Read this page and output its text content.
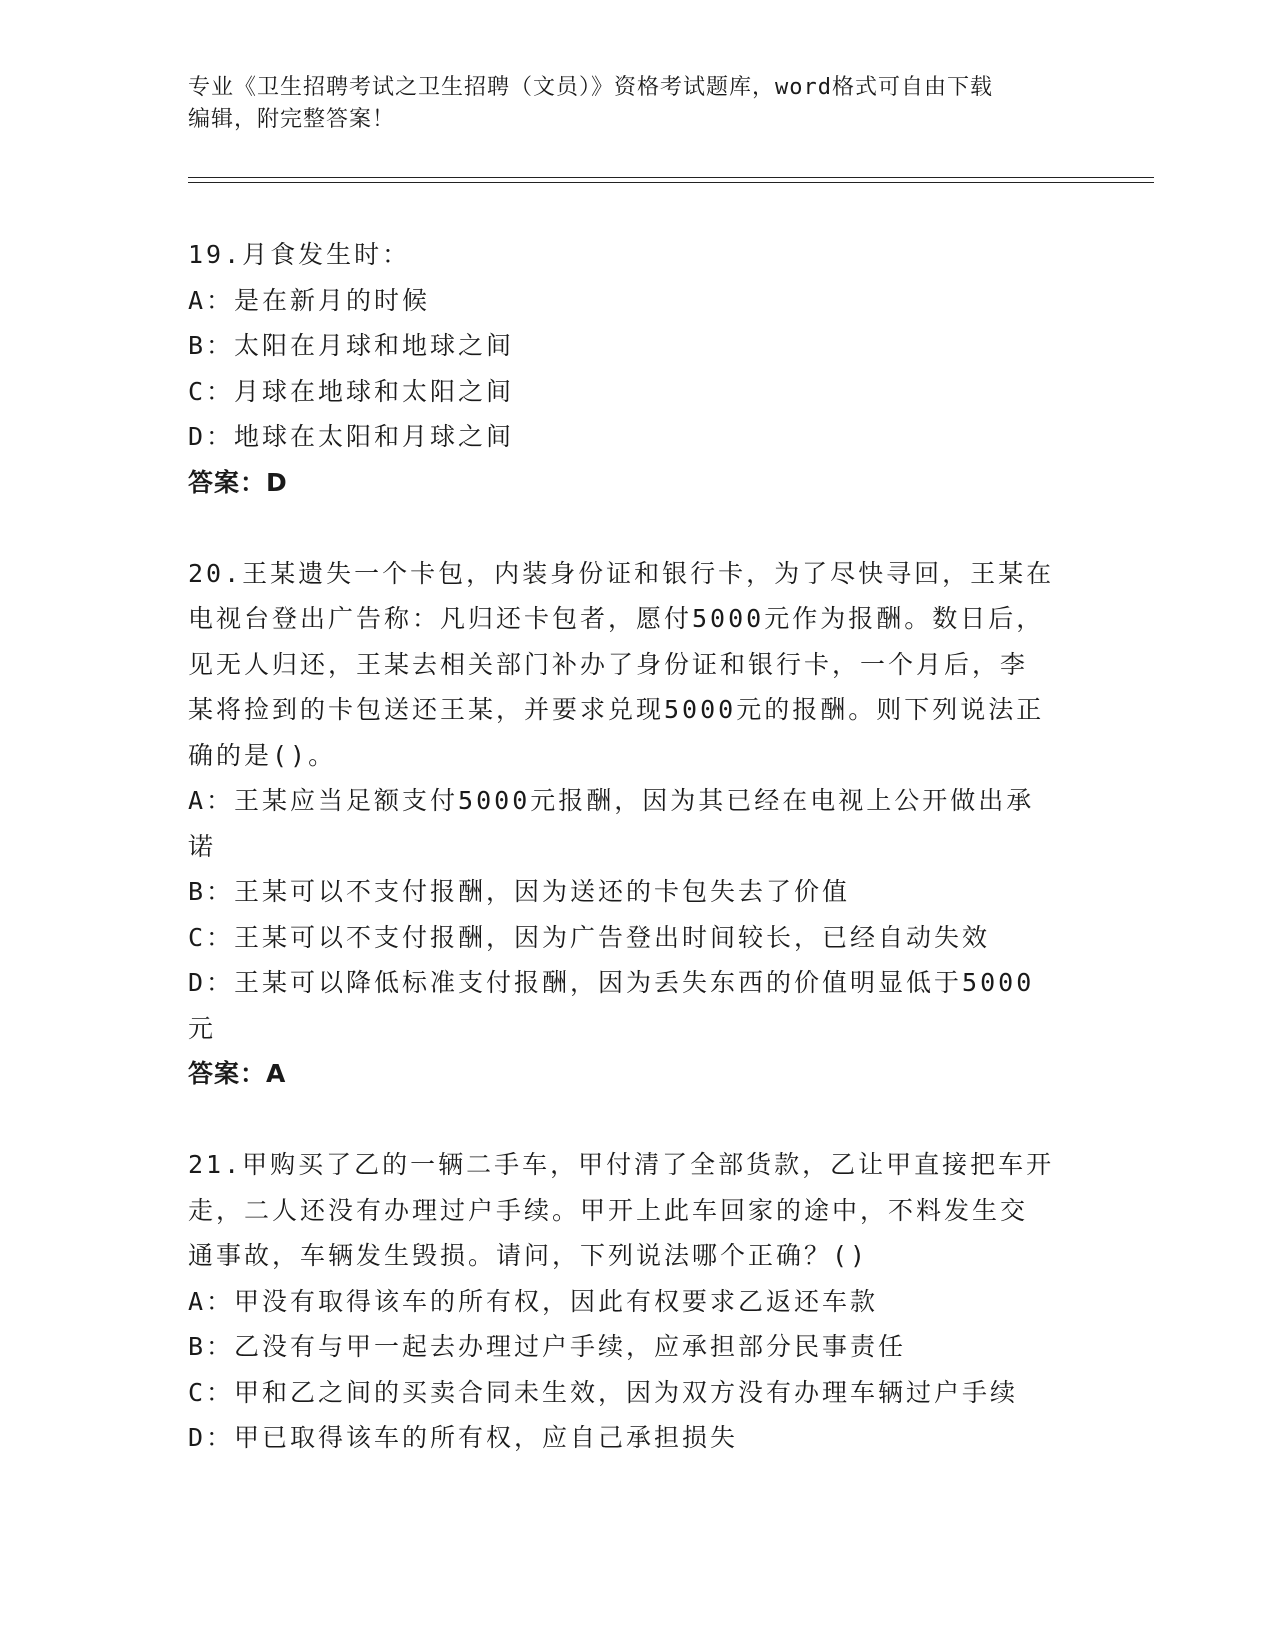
专业《卫生招聘考试之卫生招聘（文员）》资格考试题库，word格式可自由下载
编辑，附完整答案！
19.月食发生时：
A：是在新月的时候
B：太阳在月球和地球之间
C：月球在地球和太阳之间
D：地球在太阳和月球之间
答案：D
20.王某遗失一个卡包，内装身份证和银行卡，为了尽快寻回，王某在
电视台登出广告称：凡归还卡包者，愿付5000元作为报酬。数日后，
见无人归还，王某去相关部门补办了身份证和银行卡，一个月后，李
某将捡到的卡包送还王某，并要求兑现5000元的报酬。则下列说法正
确的是()。
A：王某应当足额支付5000元报酬，因为其已经在电视上公开做出承
诺
B：王某可以不支付报酬，因为送还的卡包失去了价值
C：王某可以不支付报酬，因为广告登出时间较长，已经自动失效
D：王某可以降低标准支付报酬，因为丢失东西的价值明显低于5000
元
答案：A
21.甲购买了乙的一辆二手车，甲付清了全部货款，乙让甲直接把车开
走，二人还没有办理过户手续。甲开上此车回家的途中，不料发生交
通事故，车辆发生毁损。请问，下列说法哪个正确？()
A：甲没有取得该车的所有权，因此有权要求乙返还车款
B：乙没有与甲一起去办理过户手续，应承担部分民事责任
C：甲和乙之间的买卖合同未生效，因为双方没有办理车辆过户手续
D：甲已取得该车的所有权，应自己承担损失
